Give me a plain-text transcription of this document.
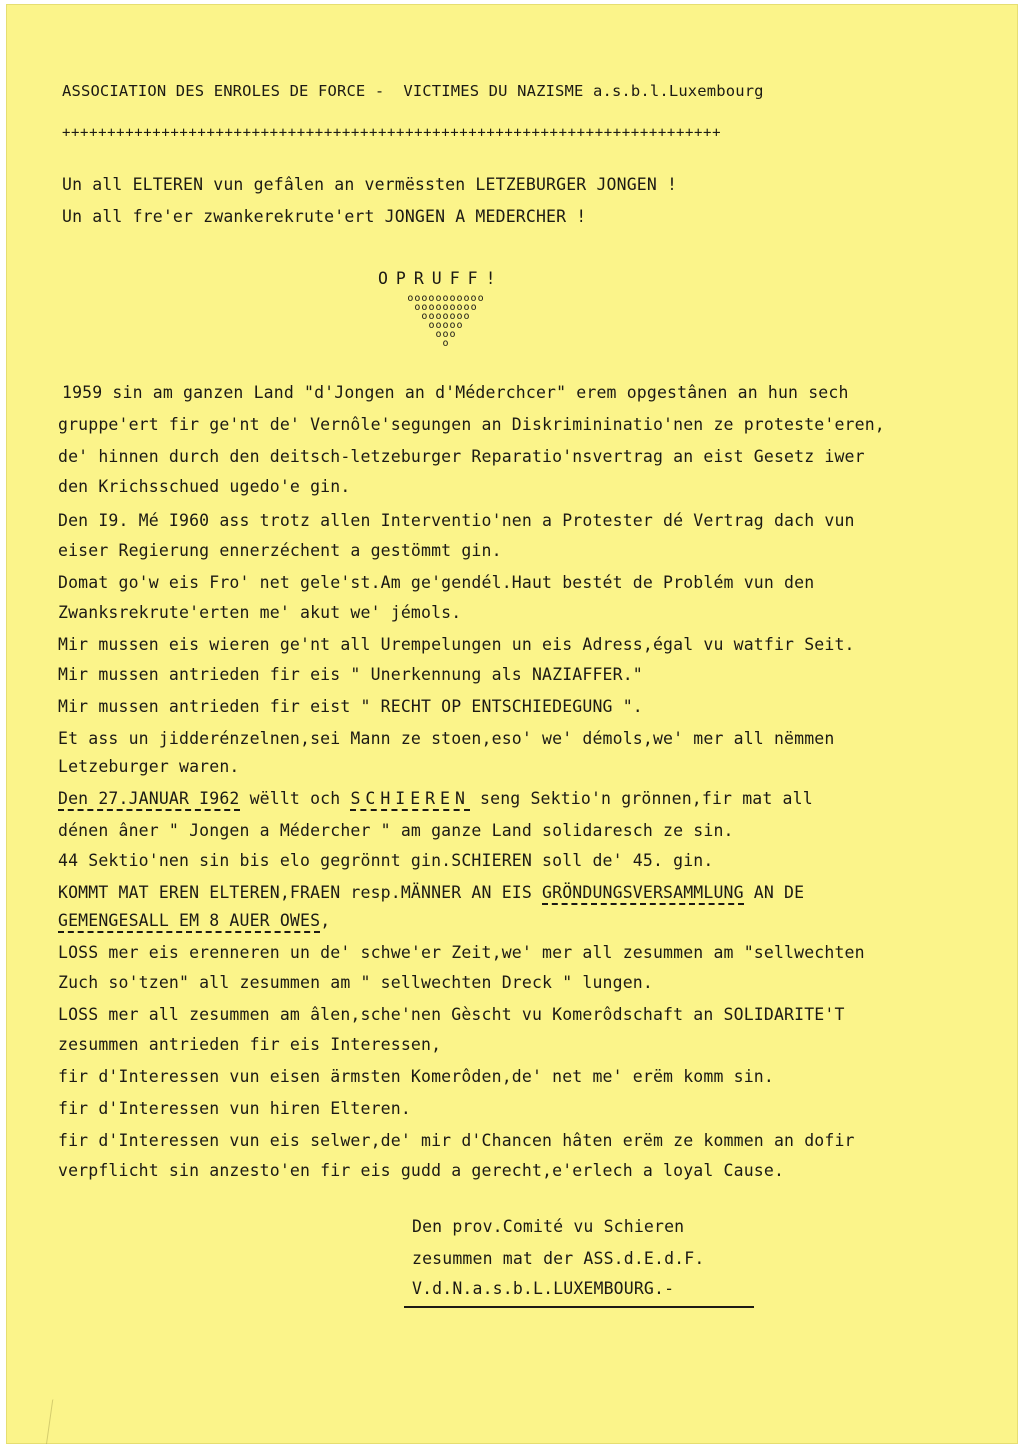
ASSOCIATION DES ENROLES DE FORCE -  VICTIMES DU NAZISME a.s.b.l.Luxembourg
+++++++++++++++++++++++++++++++++++++++++++++++++++++++++++++++++++++++++
Un all ELTEREN vun gefâlen an vermëssten LETZEBURGER JONGEN !
Un all fre'er zwankerekrute'ert JONGEN A MEDERCHER !
OPRUFF!
ooooooooooo
ooooooooo
ooooooo
ooooo
ooo
o
1959 sin am ganzen Land "d'Jongen an d'Méderchcer" erem opgestânen an hun sech
gruppe'ert fir ge'nt de' Vernôle'segungen an Diskrimininatio'nen ze proteste'eren,
de' hinnen durch den deitsch-letzeburger Reparatio'nsvertrag an eist Gesetz iwer
den Krichsschued ugedo'e gin.
Den I9. Mé I960 ass trotz allen Interventio'nen a Protester dé Vertrag dach vun
eiser Regierung ennerzéchent a gestömmt gin.
Domat go'w eis Fro' net gele'st.Am ge'gendél.Haut bestét de Problém vun den
Zwanksrekrute'erten me' akut we' jémols.
Mir mussen eis wieren ge'nt all Urempelungen un eis Adress,égal vu watfir Seit.
Mir mussen antrieden fir eis " Unerkennung als NAZIAFFER."
Mir mussen antrieden fir eist " RECHT OP ENTSCHIEDEGUNG ".
Et ass un jidderénzelnen,sei Mann ze stoen,eso' we' démols,we' mer all nëmmen
Letzeburger waren.
Den 27.JANUAR I962 wëllt och SCHIEREN seng Sektio'n grönnen,fir mat all
dénen âner " Jongen a Médercher " am ganze Land solidaresch ze sin.
44 Sektio'nen sin bis elo gegrönnt gin.SCHIEREN soll de' 45. gin.
KOMMT MAT EREN ELTEREN,FRAEN resp.MÄNNER AN EIS GRÖNDUNGSVERSAMMLUNG AN DE
GEMENGESALL EM 8 AUER OWES,
LOSS mer eis erenneren un de' schwe'er Zeit,we' mer all zesummen am "sellwechten
Zuch so'tzen" all zesummen am " sellwechten Dreck " lungen.
LOSS mer all zesummen am âlen,sche'nen Gèscht vu Komerôdschaft an SOLIDARITE'T
zesummen antrieden fir eis Interessen,
fir d'Interessen vun eisen ärmsten Komerôden,de' net me' erëm komm sin.
fir d'Interessen vun hiren Elteren.
fir d'Interessen vun eis selwer,de' mir d'Chancen hâten erëm ze kommen an dofir
verpflicht sin anzesto'en fir eis gudd a gerecht,e'erlech a loyal Cause.
Den prov.Comité vu Schieren
zesummen mat der ASS.d.E.d.F.
V.d.N.a.s.b.L.LUXEMBOURG.-
